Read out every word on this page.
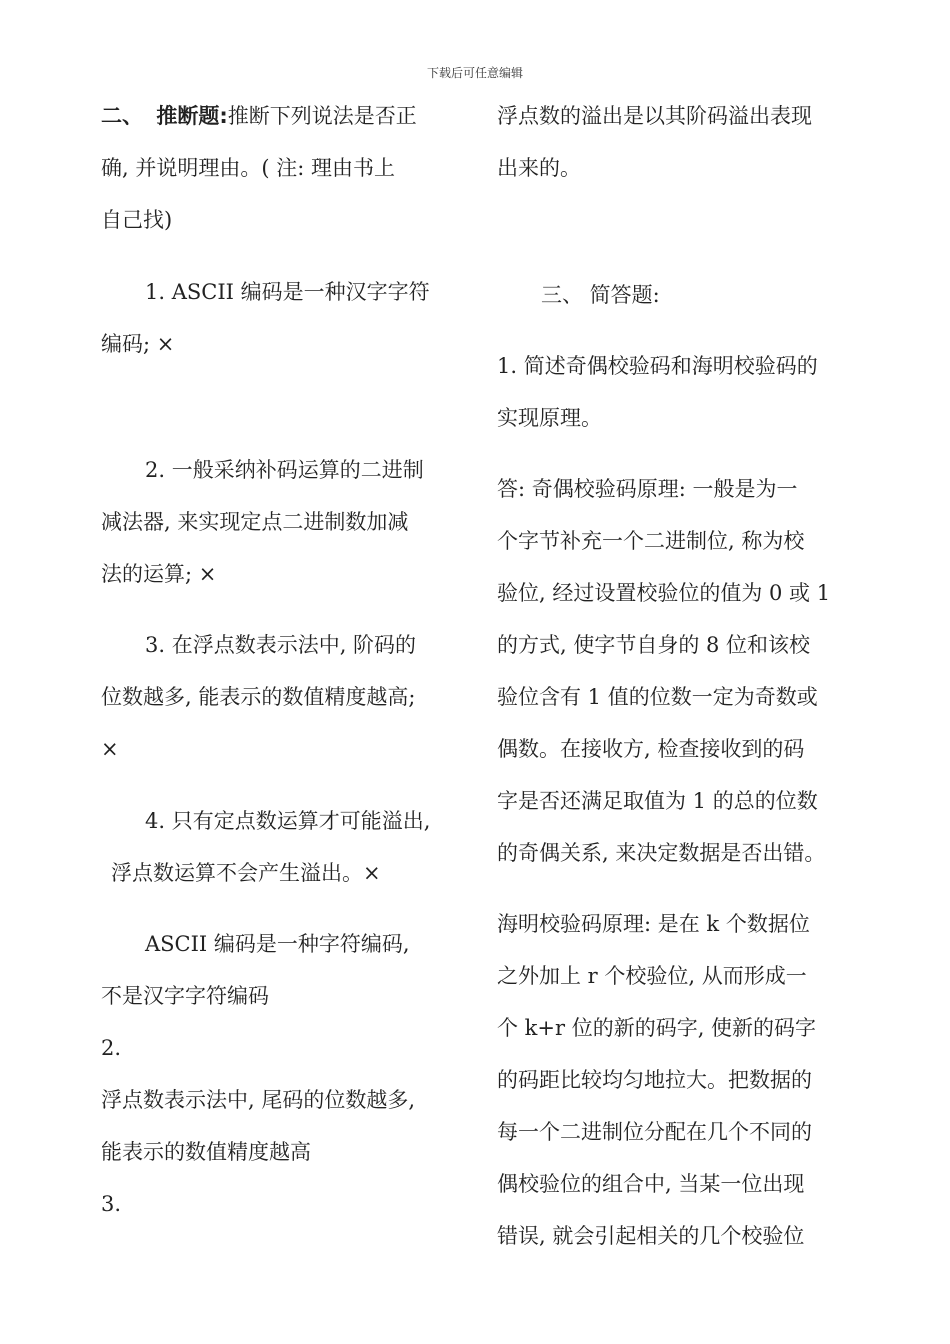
下载后可任意编辑

二、 推断题:推断下列说法是否正

确, 并说明理由。( 注: 理由书上

自己找)

1. ASCII 编码是一种汉字字符

编码; ×

2. 一般采纳补码运算的二进制

减法器, 来实现定点二进制数加减

法的运算; ×

3. 在浮点数表示法中, 阶码的

位数越多, 能表示的数值精度越高;

×

4. 只有定点数运算才可能溢出,

浮点数运算不会产生溢出。×

ASCII 编码是一种字符编码,

不是汉字字符编码

2.

浮点数表示法中, 尾码的位数越多,

能表示的数值精度越高

3.

浮点数的溢出是以其阶码溢出表现

出来的。

三、 简答题:

1. 简述奇偶校验码和海明校验码的

实现原理。

答: 奇偶校验码原理: 一般是为一

个字节补充一个二进制位, 称为校

验位, 经过设置校验位的值为 0 或 1

的方式, 使字节自身的 8 位和该校

验位含有 1 值的位数一定为奇数或

偶数。在接收方, 检查接收到的码

字是否还满足取值为 1 的总的位数

的奇偶关系, 来决定数据是否出错。

海明校验码原理: 是在 k 个数据位

之外加上 r 个校验位, 从而形成一

个 k+r 位的新的码字, 使新的码字

的码距比较均匀地拉大。把数据的

每一个二进制位分配在几个不同的

偶校验位的组合中, 当某一位出现

错误, 就会引起相关的几个校验位
